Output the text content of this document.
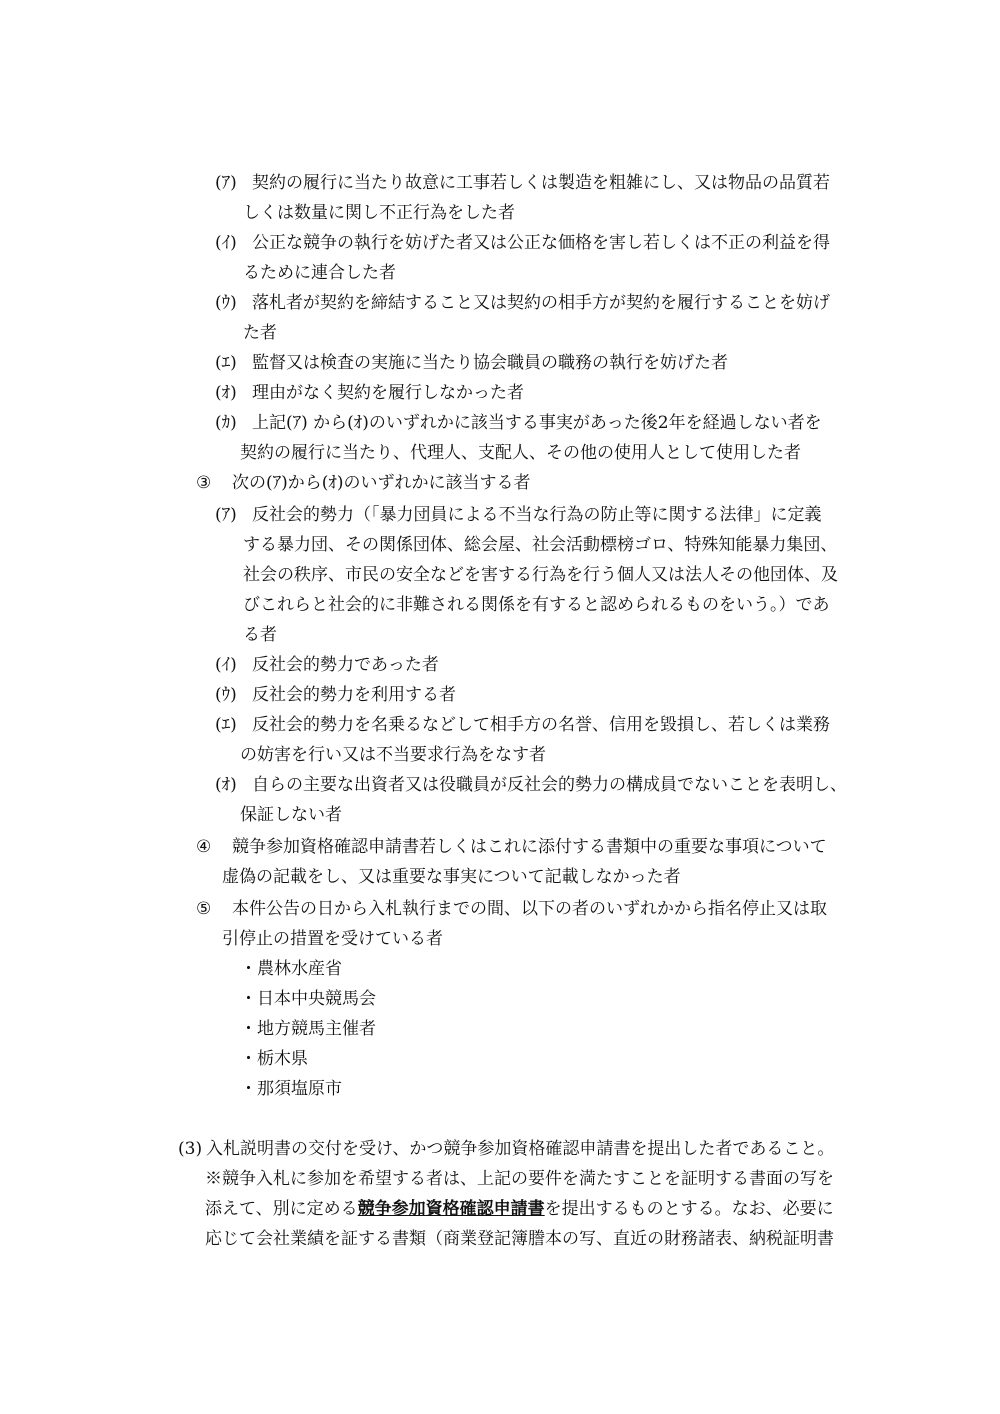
(ｱ) 契約の履行に当たり故意に工事若しくは製造を粗雑にし、又は物品の品質若
しくは数量に関し不正行為をした者
(ｲ) 公正な競争の執行を妨げた者又は公正な価格を害し若しくは不正の利益を得
るために連合した者
(ｳ) 落札者が契約を締結すること又は契約の相手方が契約を履行することを妨げ
た者
(ｴ) 監督又は検査の実施に当たり協会職員の職務の執行を妨げた者
(ｵ) 理由がなく契約を履行しなかった者
(ｶ) 上記(ｱ) から(ｵ)のいずれかに該当する事実があった後2年を経過しない者を
契約の履行に当たり、代理人、支配人、その他の使用人として使用した者
③ 次の(ｱ)から(ｵ)のいずれかに該当する者
(ｱ) 反社会的勢力（「暴力団員による不当な行為の防止等に関する法律」に定義
する暴力団、その関係団体、総会屋、社会活動標榜ゴロ、特殊知能暴力集団、
社会の秩序、市民の安全などを害する行為を行う個人又は法人その他団体、及
びこれらと社会的に非難される関係を有すると認められるものをいう。）であ
る者
(ｲ) 反社会的勢力であった者
(ｳ) 反社会的勢力を利用する者
(ｴ) 反社会的勢力を名乗るなどして相手方の名誉、信用を毀損し、若しくは業務
の妨害を行い又は不当要求行為をなす者
(ｵ) 自らの主要な出資者又は役職員が反社会的勢力の構成員でないことを表明し、
保証しない者
④ 競争参加資格確認申請書若しくはこれに添付する書類中の重要な事項について
虚偽の記載をし、又は重要な事実について記載しなかった者
⑤ 本件公告の日から入札執行までの間、以下の者のいずれかから指名停止又は取
引停止の措置を受けている者
・農林水産省
・日本中央競馬会
・地方競馬主催者
・栃木県
・那須塩原市
(3) 入札説明書の交付を受け、かつ競争参加資格確認申請書を提出した者であること。
※競争入札に参加を希望する者は、上記の要件を満たすことを証明する書面の写を
添えて、別に定める競争参加資格確認申請書を提出するものとする。なお、必要に
応じて会社業績を証する書類（商業登記簿謄本の写、直近の財務諸表、納税証明書
